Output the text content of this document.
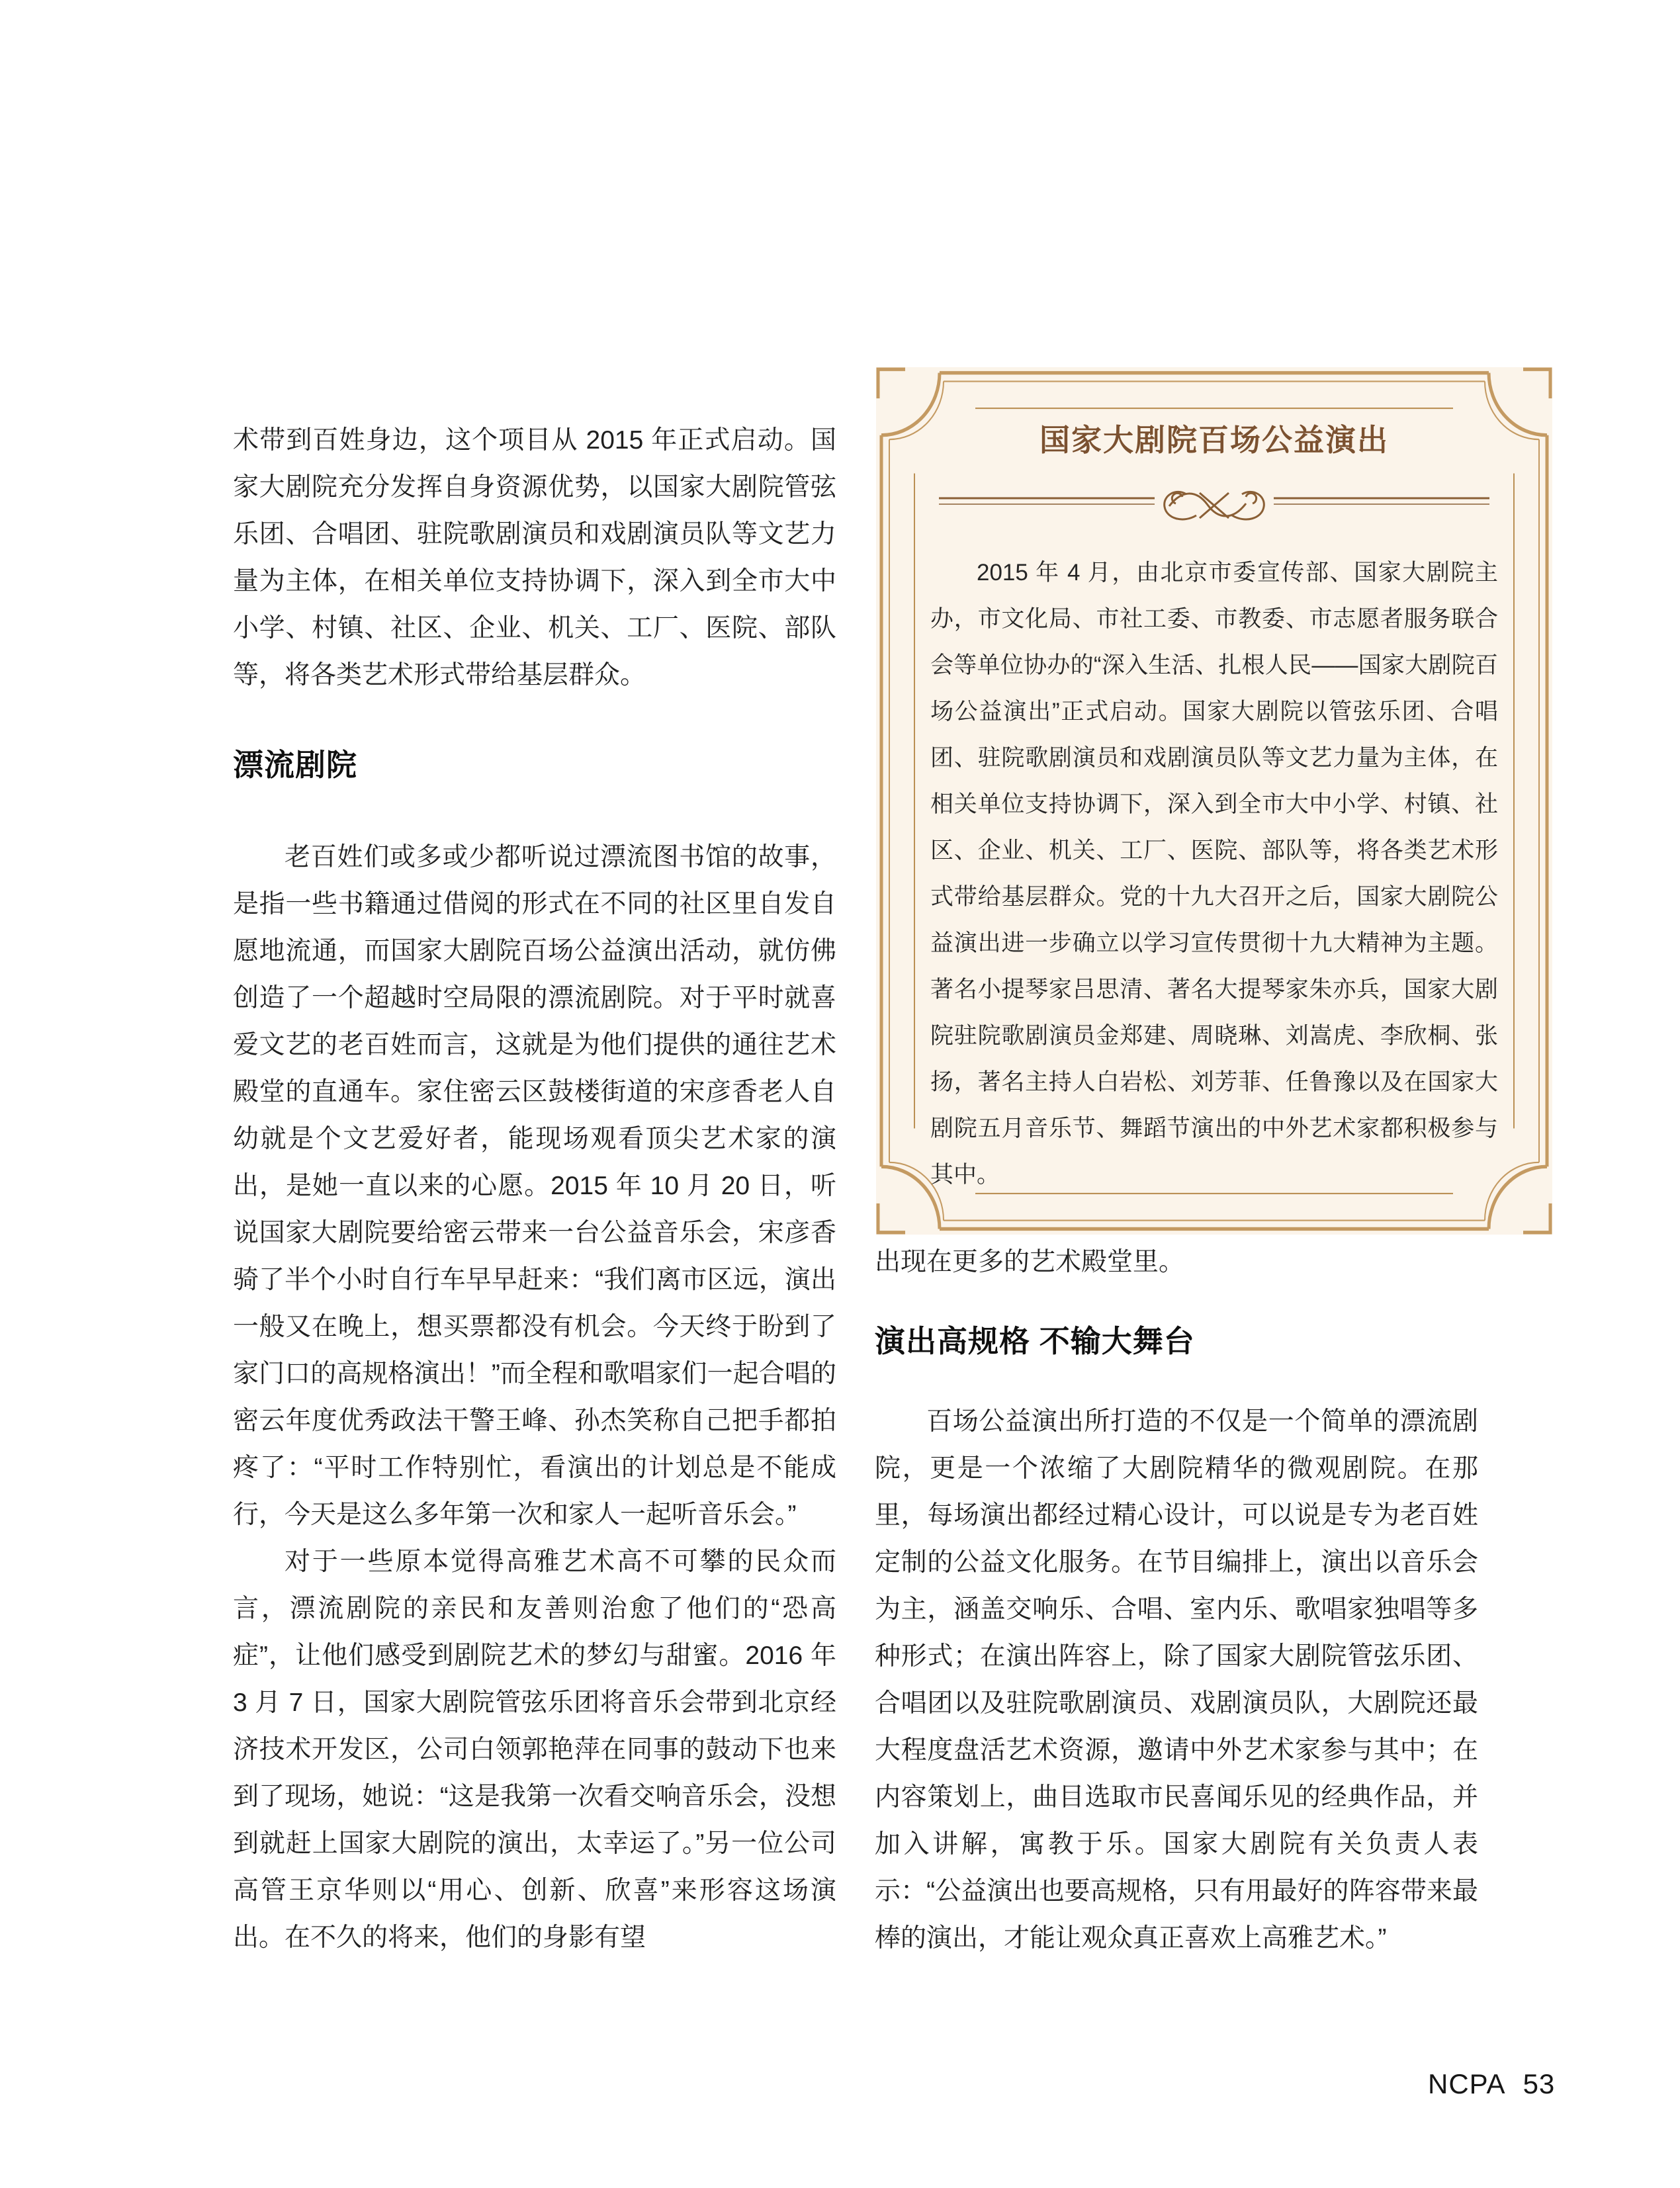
术带到百姓身边，这个项目从 2015 年正式启动。国家大剧院充分发挥自身资源优势，以国家大剧院管弦乐团、合唱团、驻院歌剧演员和戏剧演员队等文艺力量为主体，在相关单位支持协调下，深入到全市大中小学、村镇、社区、企业、机关、工厂、医院、部队等，将各类艺术形式带给基层群众。

漂流剧院

老百姓们或多或少都听说过漂流图书馆的故事，是指一些书籍通过借阅的形式在不同的社区里自发自愿地流通，而国家大剧院百场公益演出活动，就仿佛创造了一个超越时空局限的漂流剧院。对于平时就喜爱文艺的老百姓而言，这就是为他们提供的通往艺术殿堂的直通车。家住密云区鼓楼街道的宋彦香老人自幼就是个文艺爱好者，能现场观看顶尖艺术家的演出，是她一直以来的心愿。2015 年 10 月 20 日，听说国家大剧院要给密云带来一台公益音乐会，宋彦香骑了半个小时自行车早早赶来：“我们离市区远，演出一般又在晚上，想买票都没有机会。今天终于盼到了家门口的高规格演出！”而全程和歌唱家们一起合唱的密云年度优秀政法干警王峰、孙杰笑称自己把手都拍疼了：“平时工作特别忙，看演出的计划总是不能成行，今天是这么多年第一次和家人一起听音乐会。”

对于一些原本觉得高雅艺术高不可攀的民众而言，漂流剧院的亲民和友善则治愈了他们的“恐高症”，让他们感受到剧院艺术的梦幻与甜蜜。2016 年 3 月 7 日，国家大剧院管弦乐团将音乐会带到北京经济技术开发区，公司白领郭艳萍在同事的鼓动下也来到了现场，她说：“这是我第一次看交响音乐会，没想到就赶上国家大剧院的演出，太幸运了。”另一位公司高管王京华则以“用心、创新、欣喜”来形容这场演出。在不久的将来，他们的身影有望

国家大剧院百场公益演出

2015 年 4 月，由北京市委宣传部、国家大剧院主办，市文化局、市社工委、市教委、市志愿者服务联合会等单位协办的“深入生活、扎根人民——国家大剧院百场公益演出”正式启动。国家大剧院以管弦乐团、合唱团、驻院歌剧演员和戏剧演员队等文艺力量为主体，在相关单位支持协调下，深入到全市大中小学、村镇、社区、企业、机关、工厂、医院、部队等，将各类艺术形式带给基层群众。党的十九大召开之后，国家大剧院公益演出进一步确立以学习宣传贯彻十九大精神为主题。著名小提琴家吕思清、著名大提琴家朱亦兵，国家大剧院驻院歌剧演员金郑建、周晓琳、刘嵩虎、李欣桐、张扬，著名主持人白岩松、刘芳菲、任鲁豫以及在国家大剧院五月音乐节、舞蹈节演出的中外艺术家都积极参与其中。

出现在更多的艺术殿堂里。

演出高规格 不输大舞台

百场公益演出所打造的不仅是一个简单的漂流剧院，更是一个浓缩了大剧院精华的微观剧院。在那里，每场演出都经过精心设计，可以说是专为老百姓定制的公益文化服务。在节目编排上，演出以音乐会为主，涵盖交响乐、合唱、室内乐、歌唱家独唱等多种形式；在演出阵容上，除了国家大剧院管弦乐团、合唱团以及驻院歌剧演员、戏剧演员队，大剧院还最大程度盘活艺术资源，邀请中外艺术家参与其中；在内容策划上，曲目选取市民喜闻乐见的经典作品，并加入讲解，寓教于乐。国家大剧院有关负责人表示：“公益演出也要高规格，只有用最好的阵容带来最棒的演出，才能让观众真正喜欢上高雅艺术。”

NCPA 53
